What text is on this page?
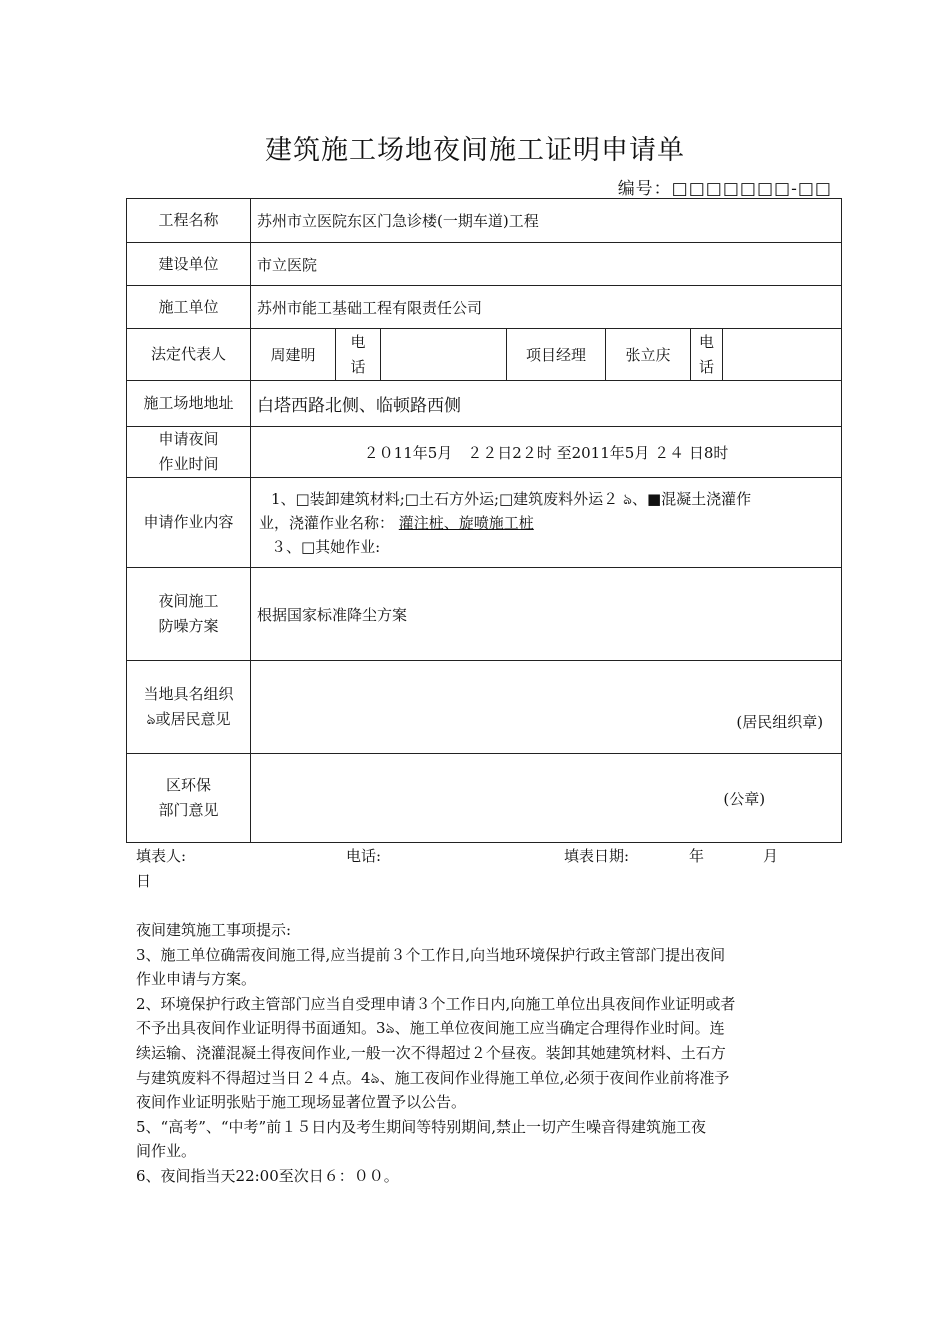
建筑施工场地夜间施工证明申请单
编号：□□□□□□□-□□
工程名称	苏州市立医院东区门急诊楼(一期车道)工程						
建设单位	市立医院						
施工单位	苏州市能工基础工程有限责任公司						
法定代表人	周建明	电话		项目经理	张立庆	电话	
施工场地地址	白塔西路北侧、临顿路西侧						

申请夜间
作业时间	２０11年5月　２２日2２时 至2011年5月 ２４ 日8时						
申请作业内容	1、□装卸建筑材料;□土石方外运;□建筑废料外运２ ঌ、■混凝土浇灌作
业，浇灌作业名称： 灌注桩、旋喷施工桩
３、□其她作业:						

夜间施工
防噪方案	根据国家标准降尘方案						

当地具名组织
ঌ或居民意见	(居民组织章)						

区环保
部门意见	(公章)						
填表人:	电话:	填表日期:	年	月
日

夜间建筑施工事项提示:

3、施工单位确需夜间施工得,应当提前３个工作日,向当地环境保护行政主管部门提出夜间

作业申请与方案。

2、环境保护行政主管部门应当自受理申请３个工作日内,向施工单位出具夜间作业证明或者

不予出具夜间作业证明得书面通知。3ঌ、施工单位夜间施工应当确定合理得作业时间。连

续运输、浇灌混凝土得夜间作业,一般一次不得超过２个昼夜。装卸其她建筑材料、土石方

与建筑废料不得超过当日２４点。4ঌ、施工夜间作业得施工单位,必须于夜间作业前将准予

夜间作业证明张贴于施工现场显著位置予以公告。

5、“高考”、“中考”前１５日内及考生期间等特别期间,禁止一切产生噪音得建筑施工夜

间作业。

6、夜间指当天22:00至次日６：００。
